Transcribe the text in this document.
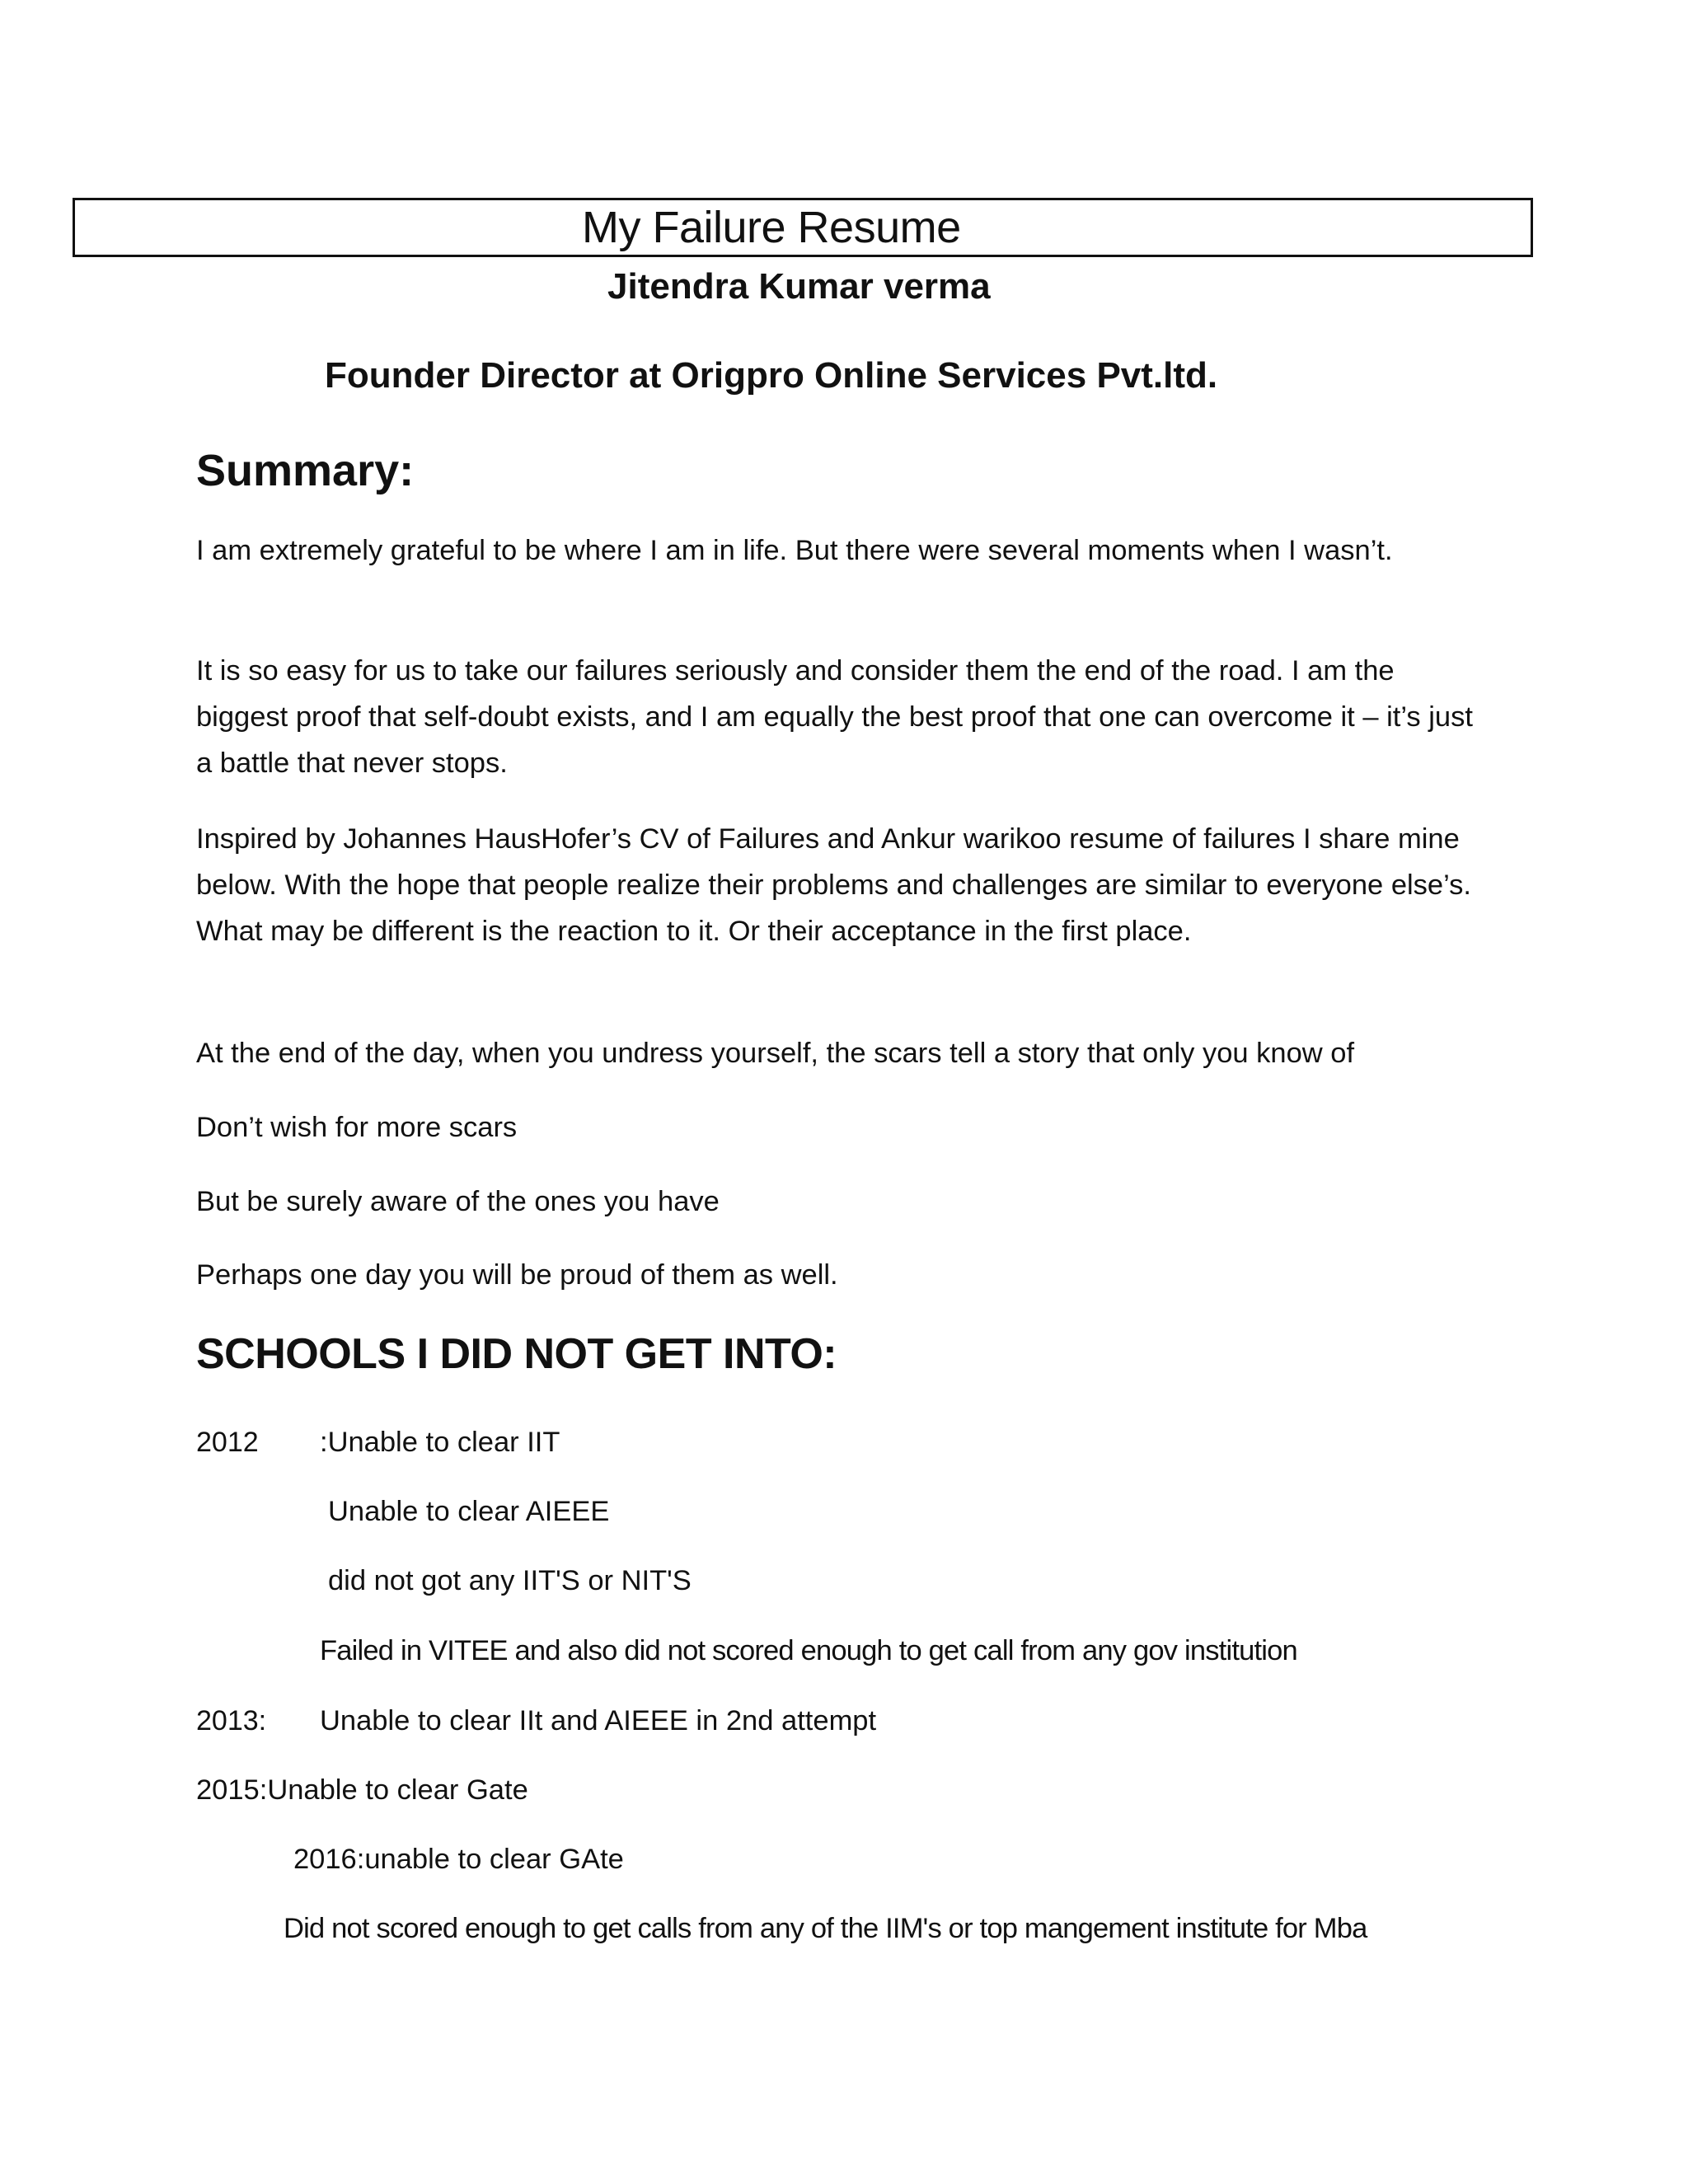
My Failure Resume
Jitendra Kumar verma
Founder Director at Origpro Online Services Pvt.ltd.
Summary:

I am extremely grateful to be where I am in life. But there were several moments when I wasn’t.

It is so easy for us to take our failures seriously and consider them the end of the road. I am the biggest proof that self-doubt exists, and I am equally the best proof that one can overcome it – it’s just a battle that never stops.

Inspired by Johannes HausHofer’s CV of Failures and Ankur warikoo resume of failures I share mine below. With the hope that people realize their problems and challenges are similar to everyone else’s. What may be different is the reaction to it. Or their acceptance in the first place.

At the end of the day, when you undress yourself, the scars tell a story that only you know of
Don’t wish for more scars
But be surely aware of the ones you have
Perhaps one day you will be proud of them as well.
SCHOOLS I DID NOT GET INTO:
2012 :Unable to clear IIT
Unable to clear AIEEE
did not got any IIT'S or NIT'S
Failed in VITEE and also did not scored enough to get call from any gov institution
2013: Unable to clear IIt and AIEEE in 2nd attempt
2015:Unable to clear Gate
2016:unable to clear GAte
Did not scored enough to get calls from any of the IIM's or top mangement institute for Mba
